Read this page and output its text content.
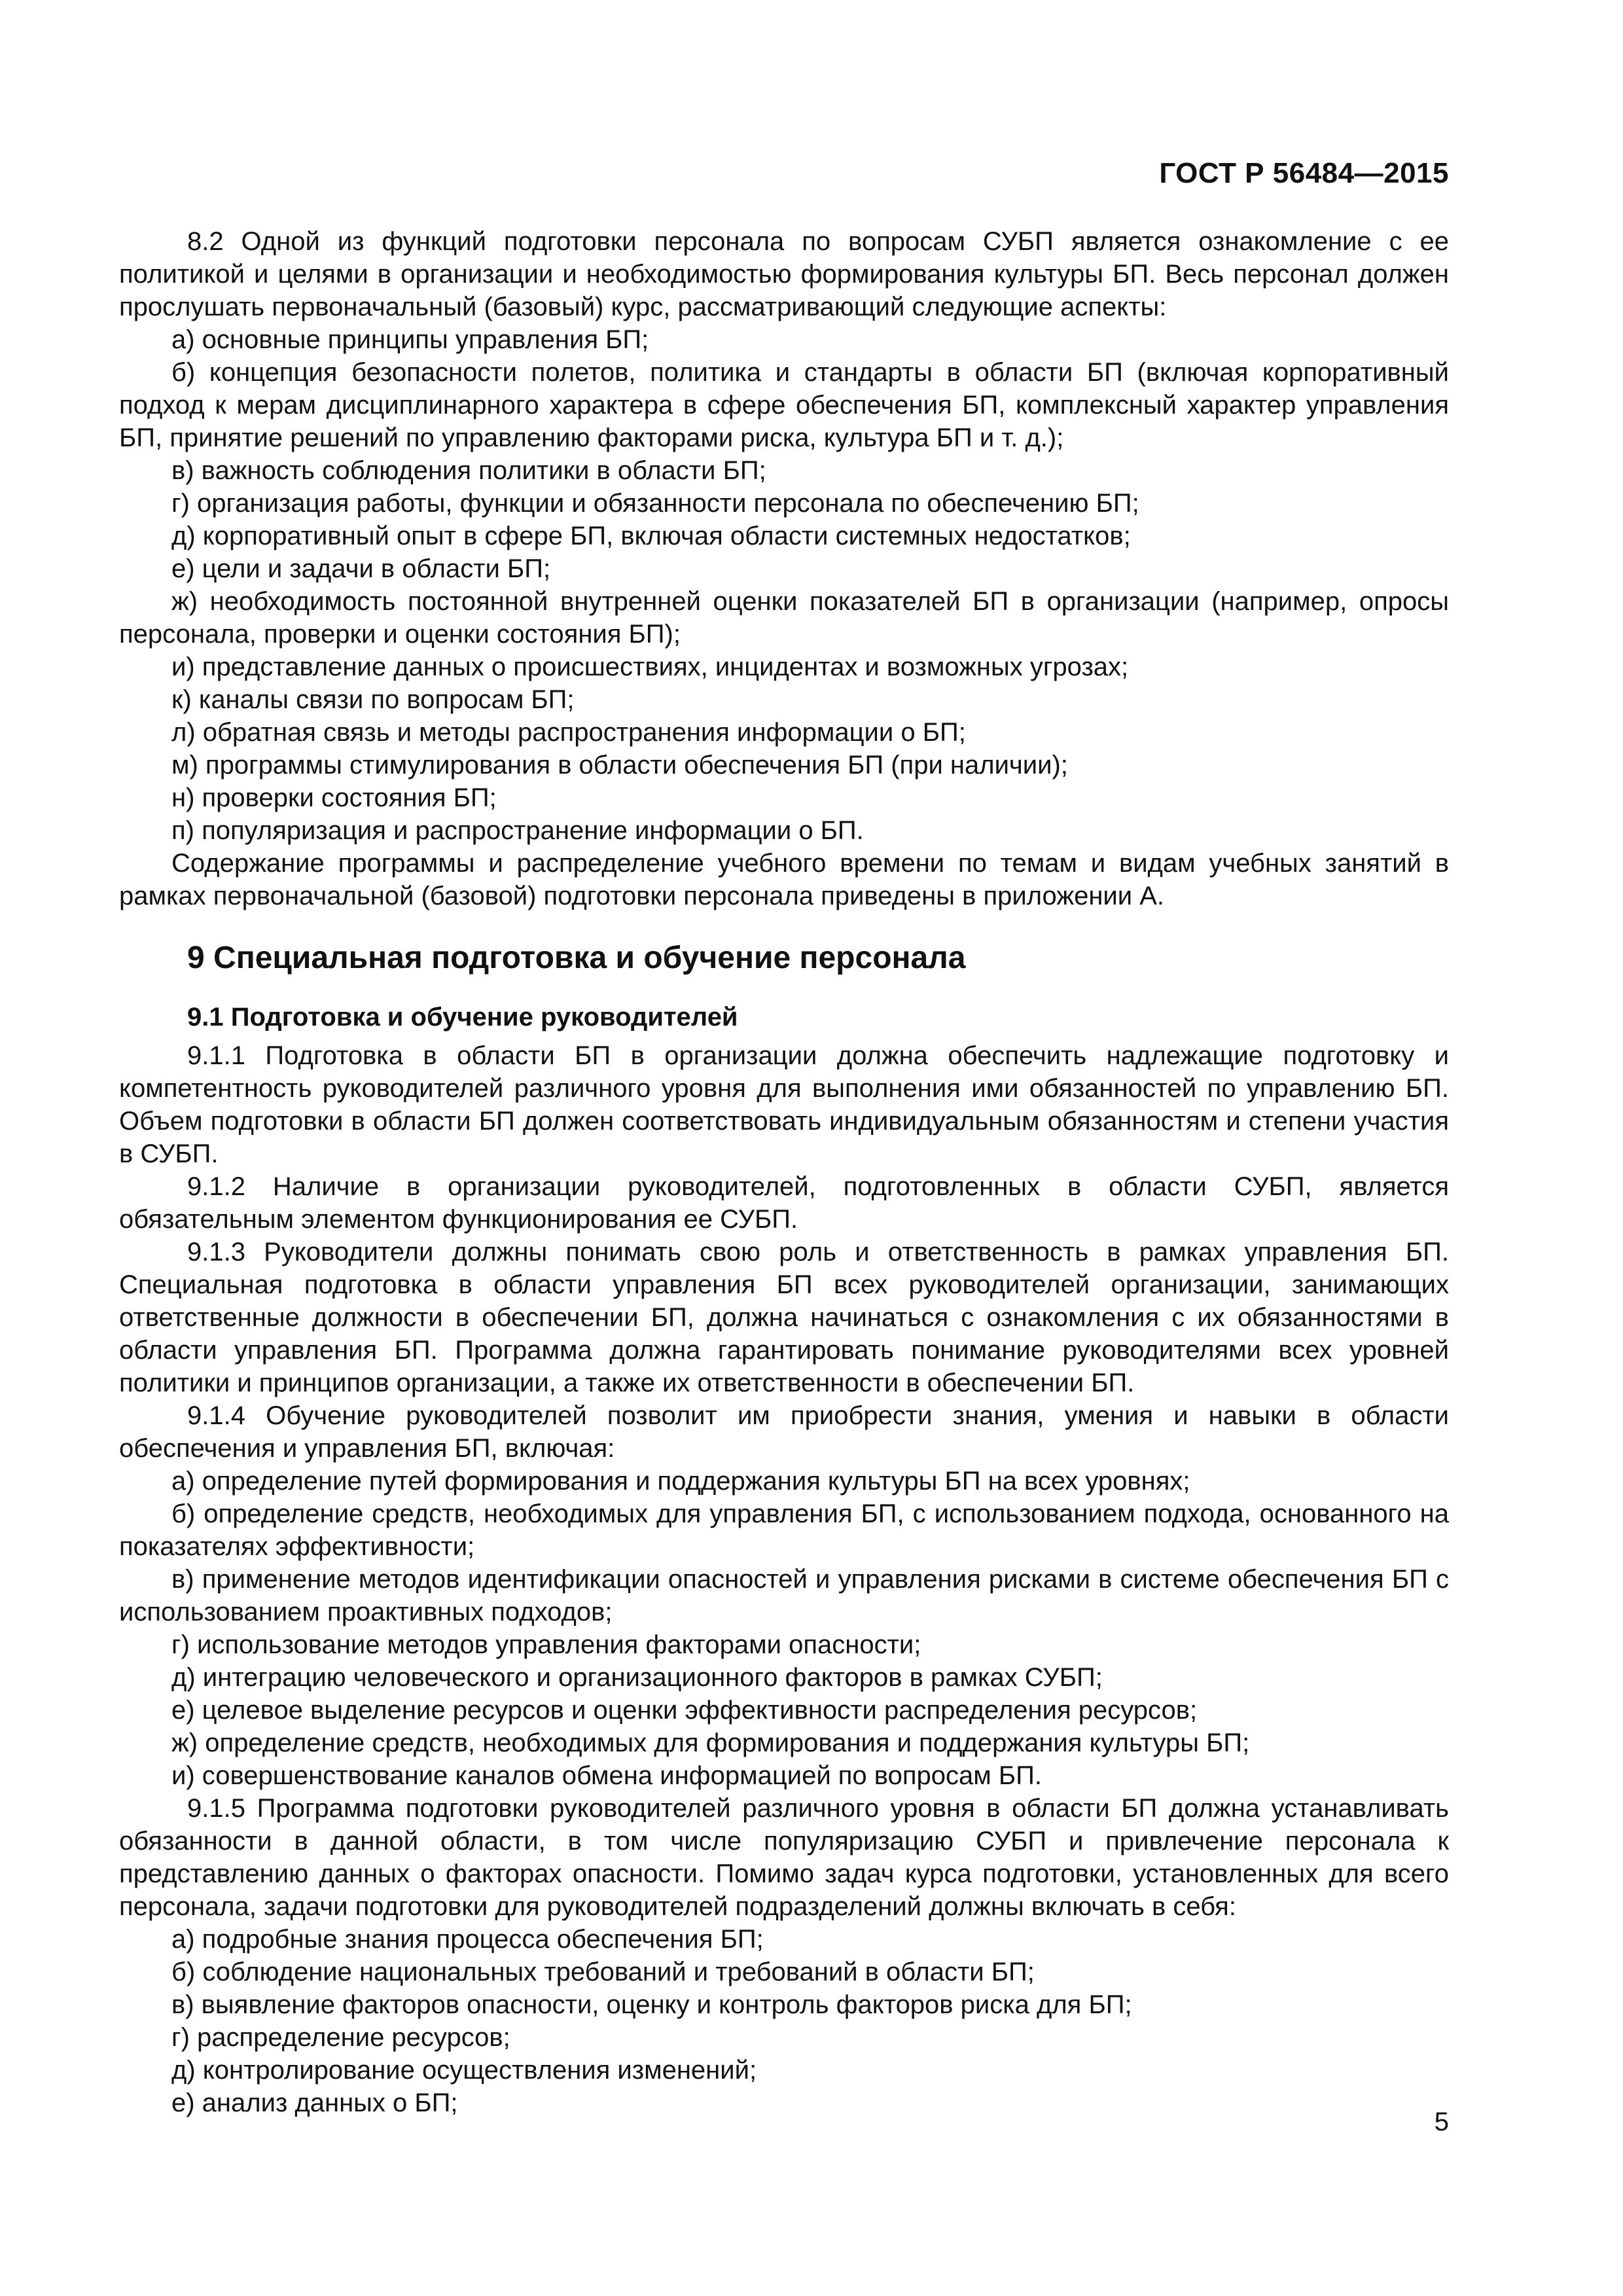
ГОСТ Р 56484—2015

8.2 Одной из функций подготовки персонала по вопросам СУБП является ознакомление с ее политикой и целями в организации и необходимостью формирования культуры БП. Весь персонал должен прослушать первоначальный (базовый) курс, рассматривающий следующие аспекты:

а) основные принципы управления БП;

б) концепция безопасности полетов, политика и стандарты в области БП (включая корпоративный подход к мерам дисциплинарного характера в сфере обеспечения БП, комплексный характер управления БП, принятие решений по управлению факторами риска, культура БП и т. д.);

в) важность соблюдения политики в области БП;

г) организация работы, функции и обязанности персонала по обеспечению БП;

д) корпоративный опыт в сфере БП, включая области системных недостатков;

е) цели и задачи в области БП;

ж) необходимость постоянной внутренней оценки показателей БП в организации (например, опросы персонала, проверки и оценки состояния БП);

и) представление данных о происшествиях, инцидентах и возможных угрозах;

к) каналы связи по вопросам БП;

л) обратная связь и методы распространения информации о БП;

м) программы стимулирования в области обеспечения БП (при наличии);

н) проверки состояния БП;

п) популяризация и распространение информации о БП.

Содержание программы и распределение учебного времени по темам и видам учебных занятий в рамках первоначальной (базовой) подготовки персонала приведены в приложении А.

9 Специальная подготовка и обучение персонала
9.1 Подготовка и обучение руководителей

9.1.1 Подготовка в области БП в организации должна обеспечить надлежащие подготовку и компетентность руководителей различного уровня для выполнения ими обязанностей по управлению БП. Объем подготовки в области БП должен соответствовать индивидуальным обязанностям и степени участия в СУБП.

9.1.2 Наличие в организации руководителей, подготовленных в области СУБП, является обязательным элементом функционирования ее СУБП.

9.1.3 Руководители должны понимать свою роль и ответственность в рамках управления БП. Специальная подготовка в области управления БП всех руководителей организации, занимающих ответственные должности в обеспечении БП, должна начинаться с ознакомления с их обязанностями в области управления БП. Программа должна гарантировать понимание руководителями всех уровней политики и принципов организации, а также их ответственности в обеспечении БП.

9.1.4 Обучение руководителей позволит им приобрести знания, умения и навыки в области обеспечения и управления БП, включая:

а) определение путей формирования и поддержания культуры БП на всех уровнях;

б) определение средств, необходимых для управления БП, с использованием подхода, основанного на показателях эффективности;

в) применение методов идентификации опасностей и управления рисками в системе обеспечения БП с использованием проактивных подходов;

г) использование методов управления факторами опасности;

д) интеграцию человеческого и организационного факторов в рамках СУБП;

е) целевое выделение ресурсов и оценки эффективности распределения ресурсов;

ж) определение средств, необходимых для формирования и поддержания культуры БП;

и) совершенствование каналов обмена информацией по вопросам БП.

9.1.5 Программа подготовки руководителей различного уровня в области БП должна устанавливать обязанности в данной области, в том числе популяризацию СУБП и привлечение персонала к представлению данных о факторах опасности. Помимо задач курса подготовки, установленных для всего персонала, задачи подготовки для руководителей подразделений должны включать в себя:

а) подробные знания процесса обеспечения БП;

б) соблюдение национальных требований и требований в области БП;

в) выявление факторов опасности, оценку и контроль факторов риска для БП;

г) распределение ресурсов;

д) контролирование осуществления изменений;

е) анализ данных о БП;

5
